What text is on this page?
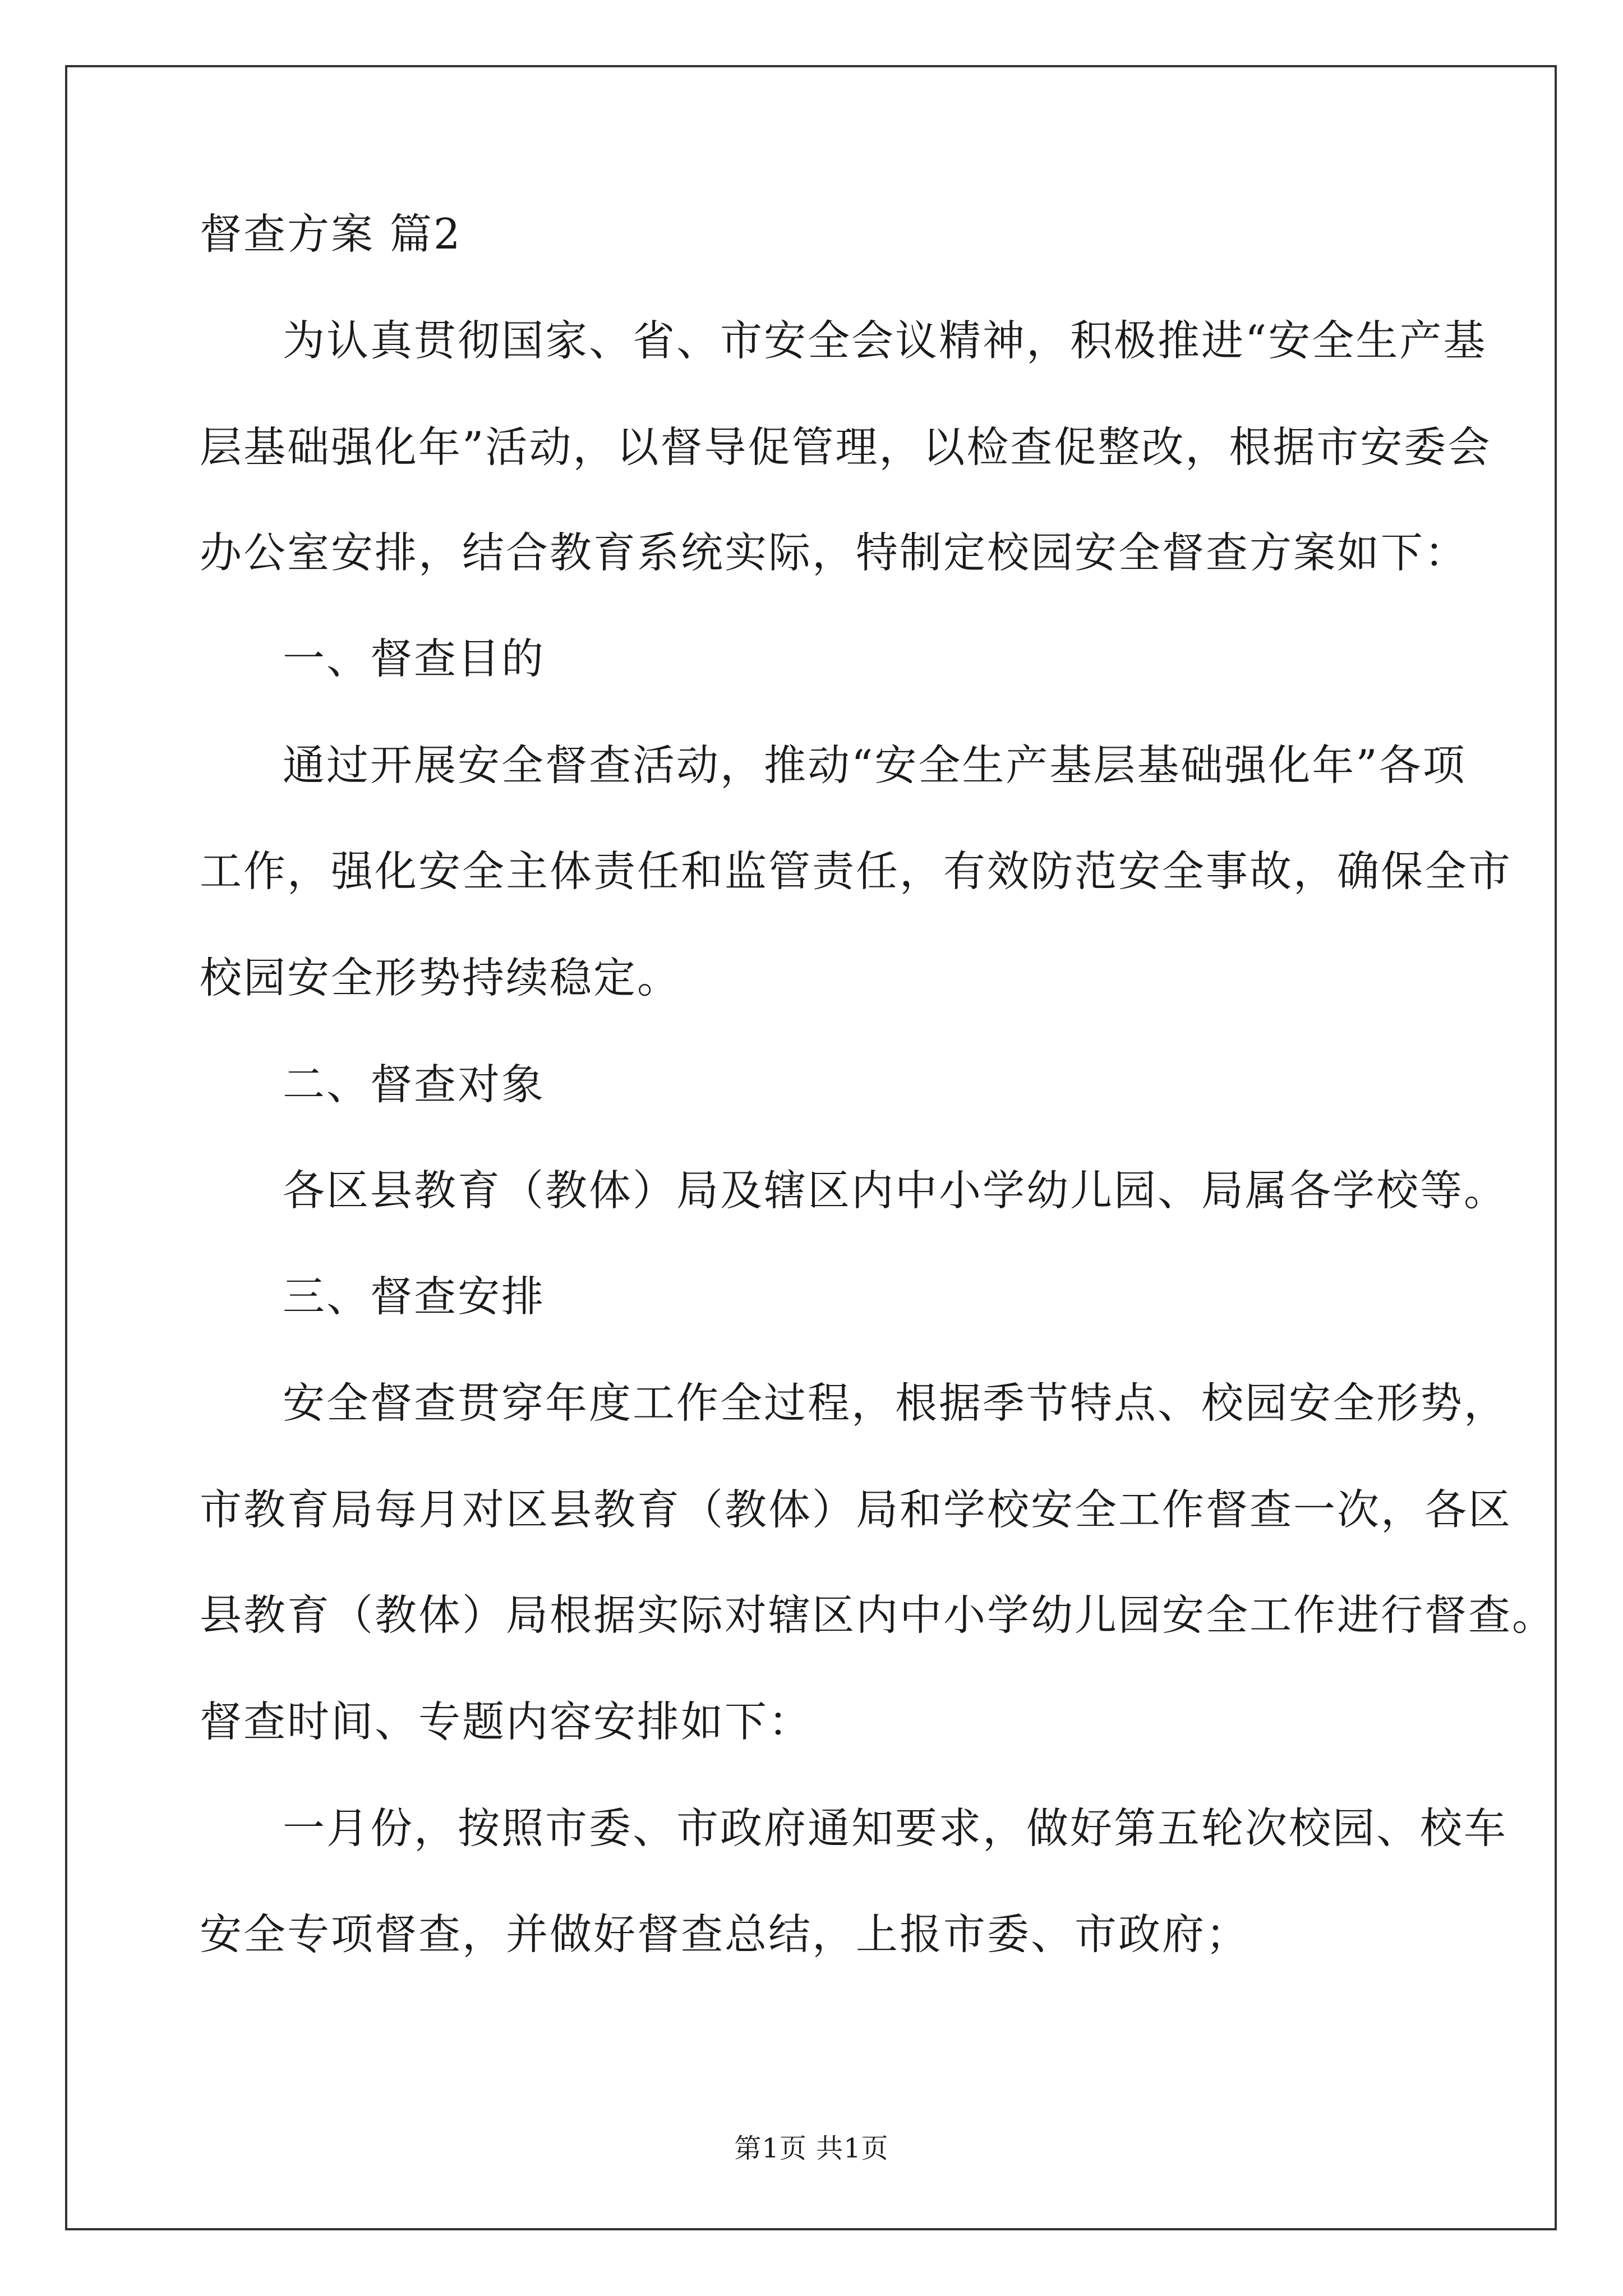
督查方案 篇2
为认真贯彻国家、省、市安全会议精神，积极推进“安全生产基
层基础强化年”活动，以督导促管理，以检查促整改，根据市安委会
办公室安排，结合教育系统实际，特制定校园安全督查方案如下：
一、督查目的
通过开展安全督查活动，推动“安全生产基层基础强化年”各项
工作，强化安全主体责任和监管责任，有效防范安全事故，确保全市
校园安全形势持续稳定。
二、督查对象
各区县教育（教体）局及辖区内中小学幼儿园、局属各学校等。
三、督查安排
安全督查贯穿年度工作全过程，根据季节特点、校园安全形势，
市教育局每月对区县教育（教体）局和学校安全工作督查一次，各区
县教育（教体）局根据实际对辖区内中小学幼儿园安全工作进行督查。
督查时间、专题内容安排如下：
一月份，按照市委、市政府通知要求，做好第五轮次校园、校车
安全专项督查，并做好督查总结，上报市委、市政府；
第1页 共1页
